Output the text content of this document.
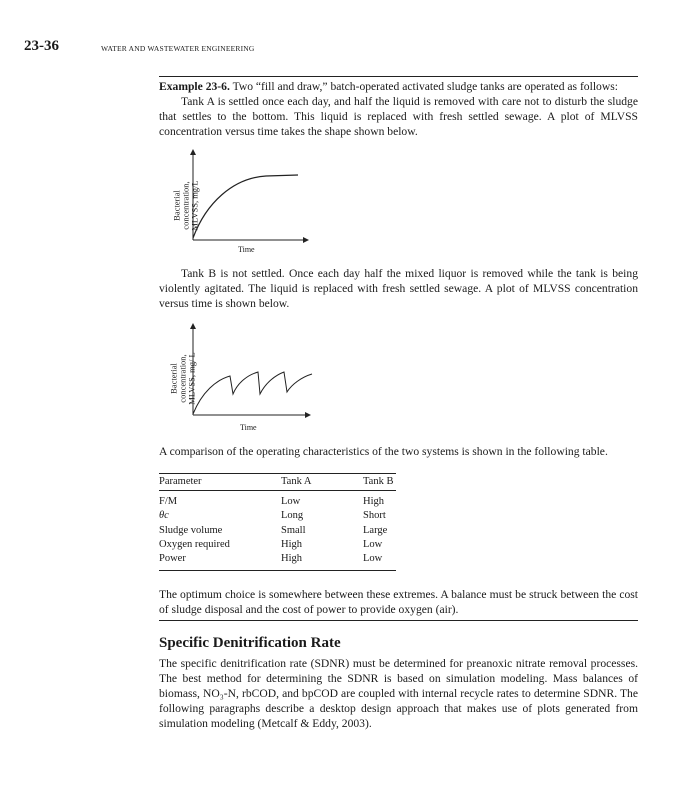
23-36	WATER AND WASTEWATER ENGINEERING
Example 23-6. Two “fill and draw,” batch-operated activated sludge tanks are operated as follows:
Tank A is settled once each day, and half the liquid is removed with care not to disturb the sludge that settles to the bottom. This liquid is replaced with fresh settled sewage. A plot of MLVSS concentration versus time takes the shape shown below.
Bacterial concentration, MLVSS, mg/L
Time
Tank B is not settled. Once each day half the mixed liquor is removed while the tank is being violently agitated. The liquid is replaced with fresh settled sewage. A plot of MLVSS concentration versus time is shown below.
Bacterial concentration, MLVSS, mg/ L
Time
A comparison of the operating characteristics of the two systems is shown in the following table.
Parameter	Tank A	Tank B
F/M	Low	High
θc	Long	Short
Sludge volume	Small	Large
Oxygen required	High	Low
Power	High	Low
The optimum choice is somewhere between these extremes. A balance must be struck between the cost of sludge disposal and the cost of power to provide oxygen (air).
Specific Denitrification Rate
The specific denitrification rate (SDNR) must be determined for preanoxic nitrate removal processes. The best method for determining the SDNR is based on simulation modeling. Mass balances of biomass, NO₃-N, rbCOD, and bpCOD are coupled with internal recycle rates to determine SDNR. The following paragraphs describe a desktop design approach that makes use of plots generated from simulation modeling (Metcalf & Eddy, 2003).
